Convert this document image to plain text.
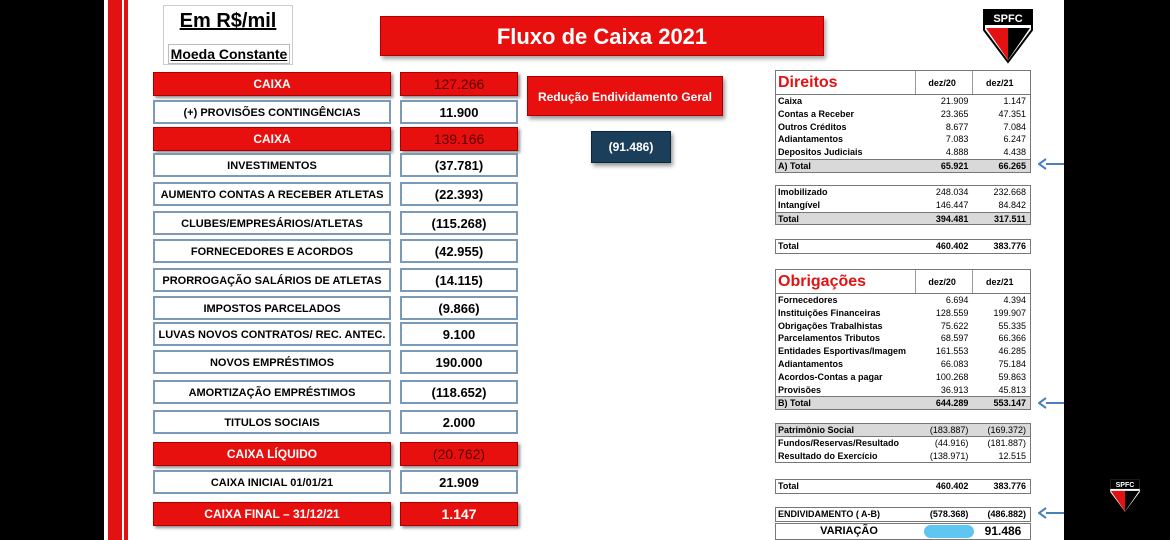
Em R$/mil
Moeda Constante
Fluxo de Caixa 2021
SPFC
CAIXA	127.266
(+) PROVISÕES CONTINGÊNCIAS	11.900
CAIXA	139.166
INVESTIMENTOS	(37.781)
AUMENTO CONTAS A RECEBER ATLETAS	(22.393)
CLUBES/EMPRESÁRIOS/ATLETAS	(115.268)
FORNECEDORES E ACORDOS	(42.955)
PRORROGAÇÃO SALÁRIOS DE ATLETAS	(14.115)
IMPOSTOS PARCELADOS	(9.866)
LUVAS NOVOS CONTRATOS/ REC. ANTEC.	9.100
NOVOS EMPRÉSTIMOS	190.000
AMORTIZAÇÃO EMPRÉSTIMOS	(118.652)
TITULOS SOCIAIS	2.000
CAIXA LÍQUIDO	(20.762)
CAIXA INICIAL 01/01/21	21.909
CAIXA FINAL – 31/12/21	1.147
Redução Endividamento Geral
(91.486)
Direitos	dez/20	dez/21
Caixa	21.909	1.147
Contas a Receber	23.365	47.351
Outros Créditos	8.677	7.084
Adiantamentos	7.083	6.247
Depositos Judiciais	4.888	4.438
A) Total	65.921	66.265
Imobilizado	248.034	232.668
Intangível	146.447	84.842
Total	394.481	317.511
Total	460.402	383.776
Obrigações	dez/20	dez/21
Fornecedores	6.694	4.394
Instituições Financeiras	128.559	199.907
Obrigações Trabalhistas	75.622	55.335
Parcelamentos Tributos	68.597	66.366
Entidades Esportivas/Imagem	161.553	46.285
Adiantamentos	66.083	75.184
Acordos-Contas a pagar	100.268	59.863
Provisões	36.913	45.813
B) Total	644.289	553.147
Patrimônio Social	(183.887)	(169.372)
Fundos/Reservas/Resultado	(44.916)	(181.887)
Resultado do Exercício	(138.971)	12.515
Total	460.402	383.776
ENDIVIDAMENTO ( A-B)	(578.368)	(486.882)
VARIAÇÃO	91.486
SPFC
